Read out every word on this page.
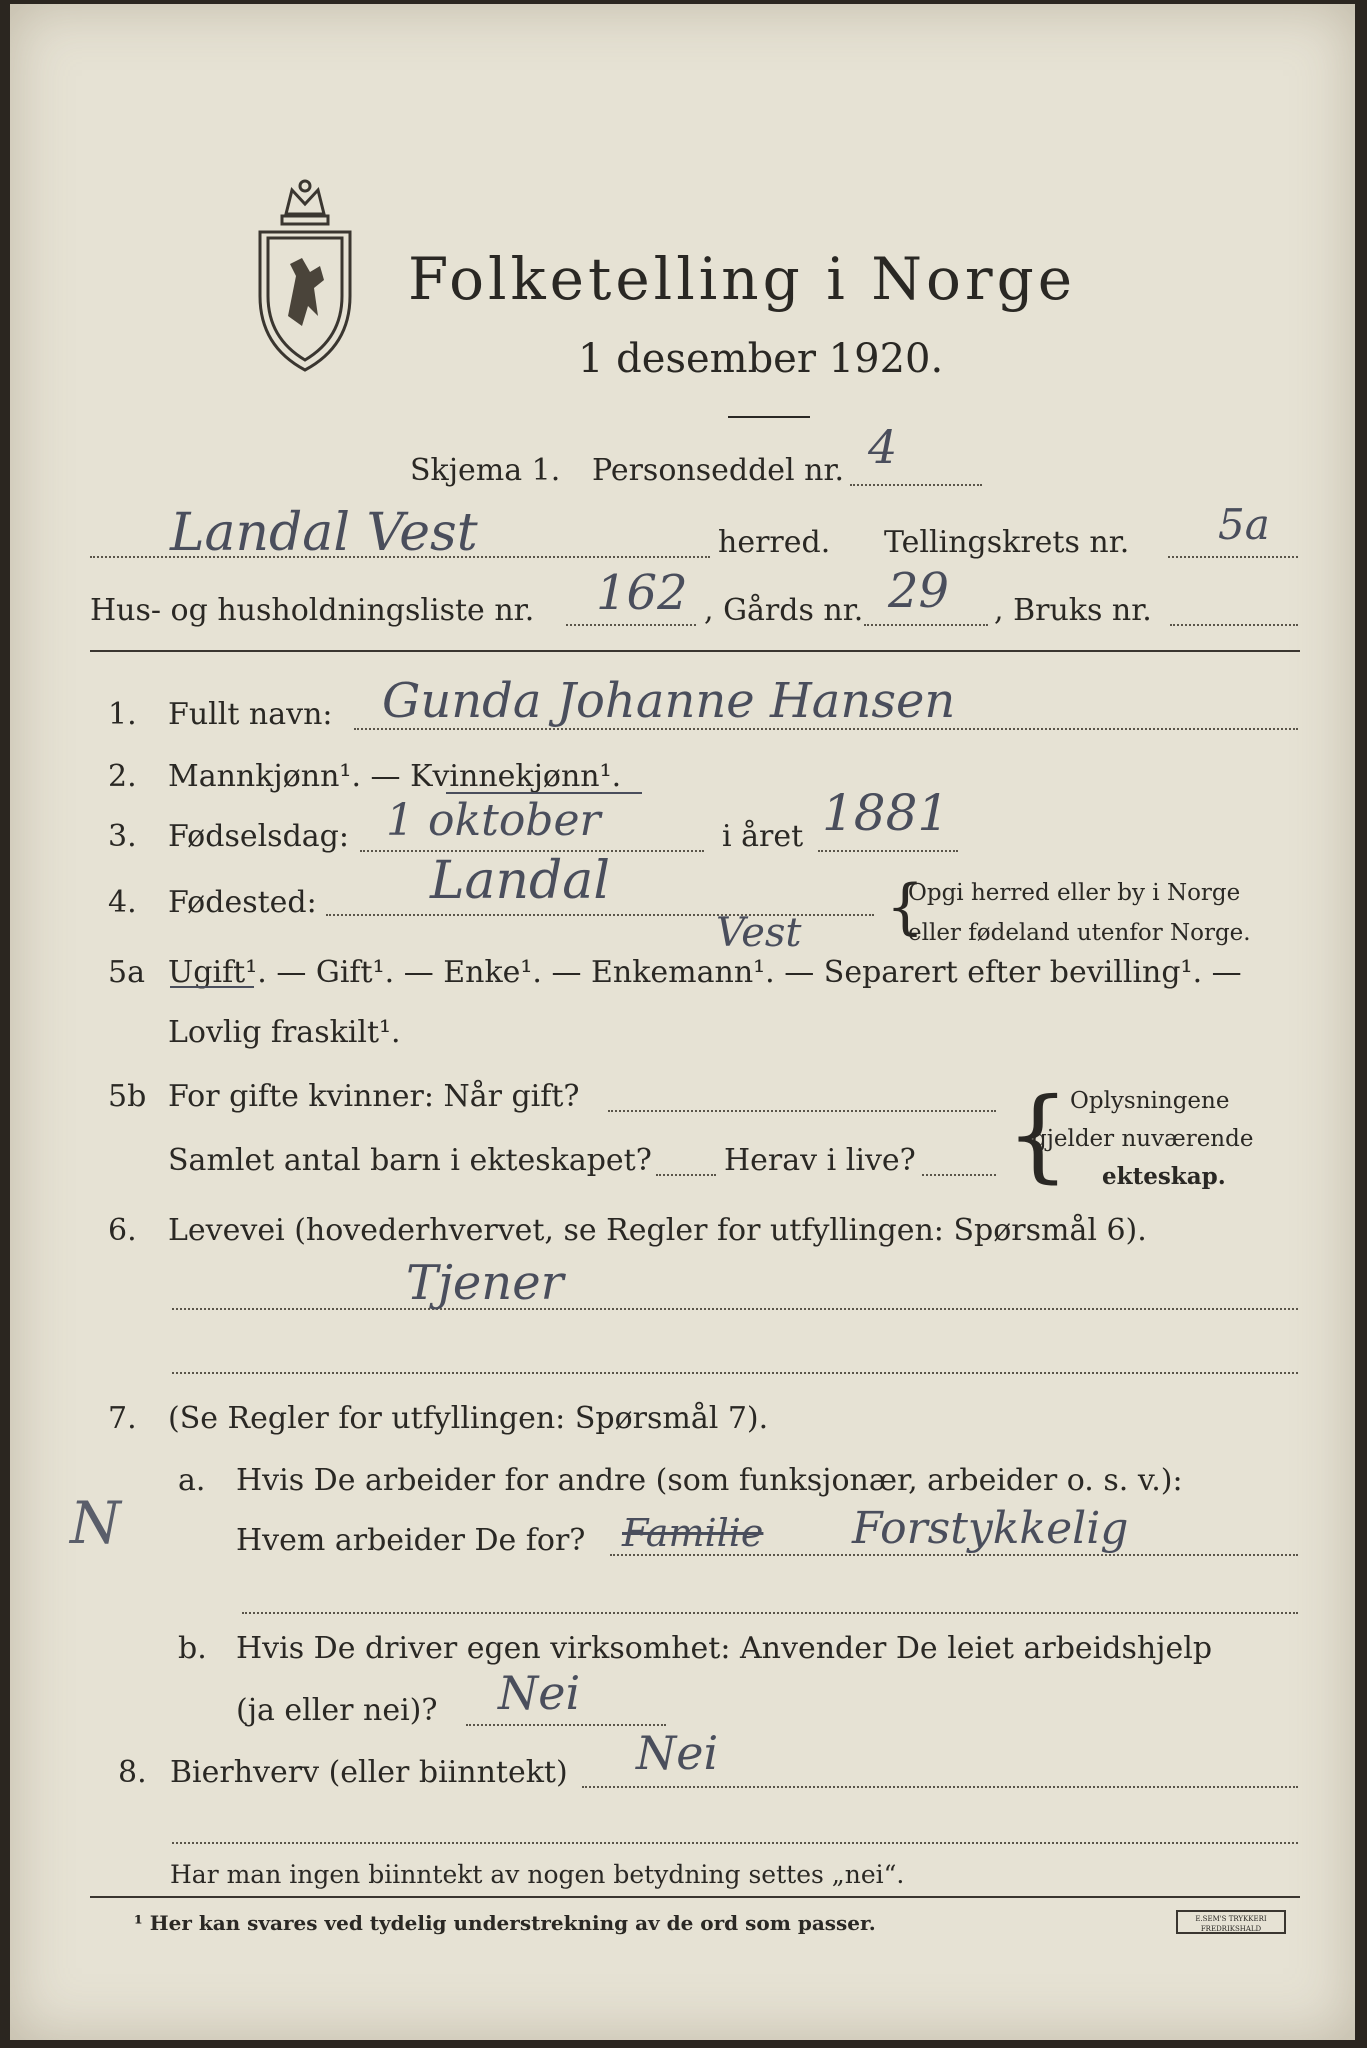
Folketelling i Norge
1 desember 1920.
Skjema 1. Personseddel nr. 4
Landal Vest	herred. Tellingskrets nr. 5a
Hus- og husholdningsliste nr. 162 , Gårds nr. 29 , Bruks nr.
1. Fullt navn: Gunda Johanne Hansen
2. Mannkjønn¹. — Kvinnekjønn¹.
3. Fødselsdag: 1 oktober	i året 1881
4. Fødested: Landal
Vest {
Opgi herred eller by i Norge
eller fødeland utenfor Norge.
5a Ugift¹. — Gift¹. — Enke¹. — Enkemann¹. — Separert efter bevilling¹. —
Lovlig fraskilt¹.
5b For gifte kvinner: Når gift?
Samlet antal barn i ekteskapet? Herav i live? { Oplysningene
gjelder nuværende
ekteskap.
6. Levevei (hovederhvervet, se Regler for utfyllingen: Spørsmål 6).
Tjener
7. (Se Regler for utfyllingen: Spørsmål 7).
a. Hvis De arbeider for andre (som funksjonær, arbeider o. s. v.):
Hvem arbeider De for? Familie Forstykkelig
b. Hvis De driver egen virksomhet: Anvender De leiet arbeidshjelp
(ja eller nei)? Nei
8. Bierhverv (eller biinntekt) Nei
Har man ingen biinntekt av nogen betydning settes „nei“.
N
¹ Her kan svares ved tydelig understrekning av de ord som passer.	E.SEM'S TRYKKERI FREDRIKSHALD
